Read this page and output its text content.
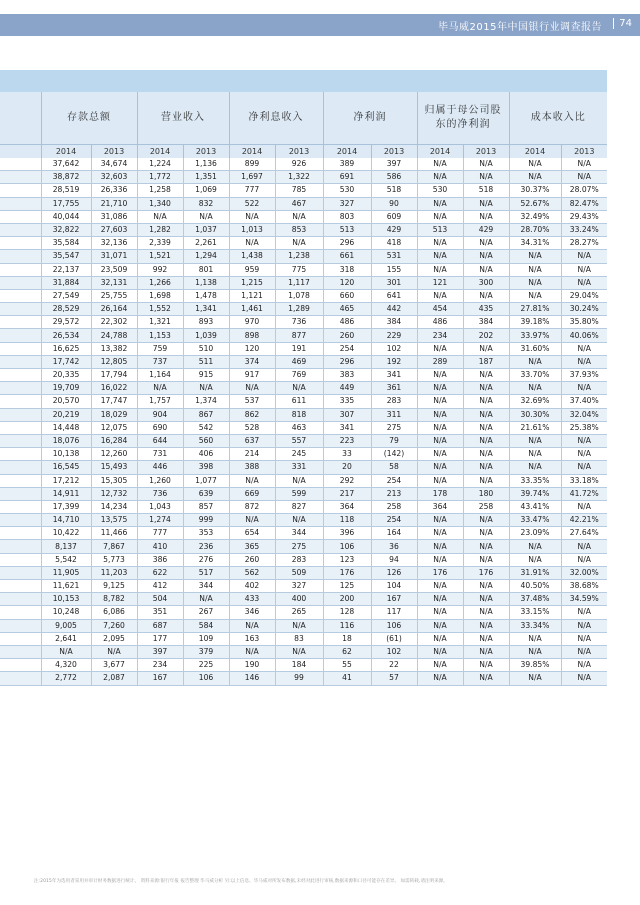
毕马威2015年中国银行业调查报告	74
	存款总额		营业收入		净利息收入		净利润		归属于母公司股东的净利润		成本收入比	
	2014	2013	2014	2013	2014	2013	2014	2013	2014	2013	2014	2013
	37,642	34,674	1,224	1,136	899	926	389	397	N/A	N/A	N/A	N/A
	38,872	32,603	1,772	1,351	1,697	1,322	691	586	N/A	N/A	N/A	N/A
	28,519	26,336	1,258	1,069	777	785	530	518	530	518	30.37%	28.07%
	17,755	21,710	1,340	832	522	467	327	90	N/A	N/A	52.67%	82.47%
	40,044	31,086	N/A	N/A	N/A	N/A	803	609	N/A	N/A	32.49%	29.43%
	32,822	27,603	1,282	1,037	1,013	853	513	429	513	429	28.70%	33.24%
	35,584	32,136	2,339	2,261	N/A	N/A	296	418	N/A	N/A	34.31%	28.27%
	35,547	31,071	1,521	1,294	1,438	1,238	661	531	N/A	N/A	N/A	N/A
	22,137	23,509	992	801	959	775	318	155	N/A	N/A	N/A	N/A
	31,884	32,131	1,266	1,138	1,215	1,117	120	301	121	300	N/A	N/A
	27,549	25,755	1,698	1,478	1,121	1,078	660	641	N/A	N/A	N/A	29.04%
	28,529	26,164	1,552	1,341	1,461	1,289	465	442	454	435	27.81%	30.24%
	29,572	22,302	1,321	893	970	736	486	384	486	384	39.18%	35.80%
	26,534	24,788	1,153	1,039	898	877	260	229	234	202	33.97%	40.06%
	16,625	13,382	759	510	120	191	254	102	N/A	N/A	31.60%	N/A
	17,742	12,805	737	511	374	469	296	192	289	187	N/A	N/A
	20,335	17,794	1,164	915	917	769	383	341	N/A	N/A	33.70%	37.93%
	19,709	16,022	N/A	N/A	N/A	N/A	449	361	N/A	N/A	N/A	N/A
	20,570	17,747	1,757	1,374	537	611	335	283	N/A	N/A	32.69%	37.40%
	20,219	18,029	904	867	862	818	307	311	N/A	N/A	30.30%	32.04%
	14,448	12,075	690	542	528	463	341	275	N/A	N/A	21.61%	25.38%
	18,076	16,284	644	560	637	557	223	79	N/A	N/A	N/A	N/A
	10,138	12,260	731	406	214	245	33	(142)	N/A	N/A	N/A	N/A
	16,545	15,493	446	398	388	331	20	58	N/A	N/A	N/A	N/A
	17,212	15,305	1,260	1,077	N/A	N/A	292	254	N/A	N/A	33.35%	33.18%
	14,911	12,732	736	639	669	599	217	213	178	180	39.74%	41.72%
	17,399	14,234	1,043	857	872	827	364	258	364	258	43.41%	N/A
	14,710	13,575	1,274	999	N/A	N/A	118	254	N/A	N/A	33.47%	42.21%
	10,422	11,466	777	353	654	344	396	164	N/A	N/A	23.09%	27.64%
	8,137	7,867	410	236	365	275	106	36	N/A	N/A	N/A	N/A
	5,542	5,773	386	276	260	283	123	94	N/A	N/A	N/A	N/A
	11,905	11,203	622	517	562	509	176	126	176	176	31.91%	32.00%
	11,621	9,125	412	344	402	327	125	104	N/A	N/A	40.50%	38.68%
	10,153	8,782	504	N/A	433	400	200	167	N/A	N/A	37.48%	34.59%
	10,248	6,086	351	267	346	265	128	117	N/A	N/A	33.15%	N/A
	9,005	7,260	687	584	N/A	N/A	116	106	N/A	N/A	33.34%	N/A
	2,641	2,095	177	109	163	83	18	(61)	N/A	N/A	N/A	N/A
	N/A	N/A	397	379	N/A	N/A	62	102	N/A	N/A	N/A	N/A
	4,320	3,677	234	225	190	184	55	22	N/A	N/A	39.85%	N/A
	2,772	2,087	167	106	146	99	41	57	N/A	N/A	N/A	N/A
注:2015年为选用者采用并审计财务数据进行统计。 资料来源:银行年报 报告整理 毕马威分析 另:以上信息、毕马威对所发布数据,未经对此进行审核,数据来源和口径可能存在差异。 如需转载,请注明来源。
